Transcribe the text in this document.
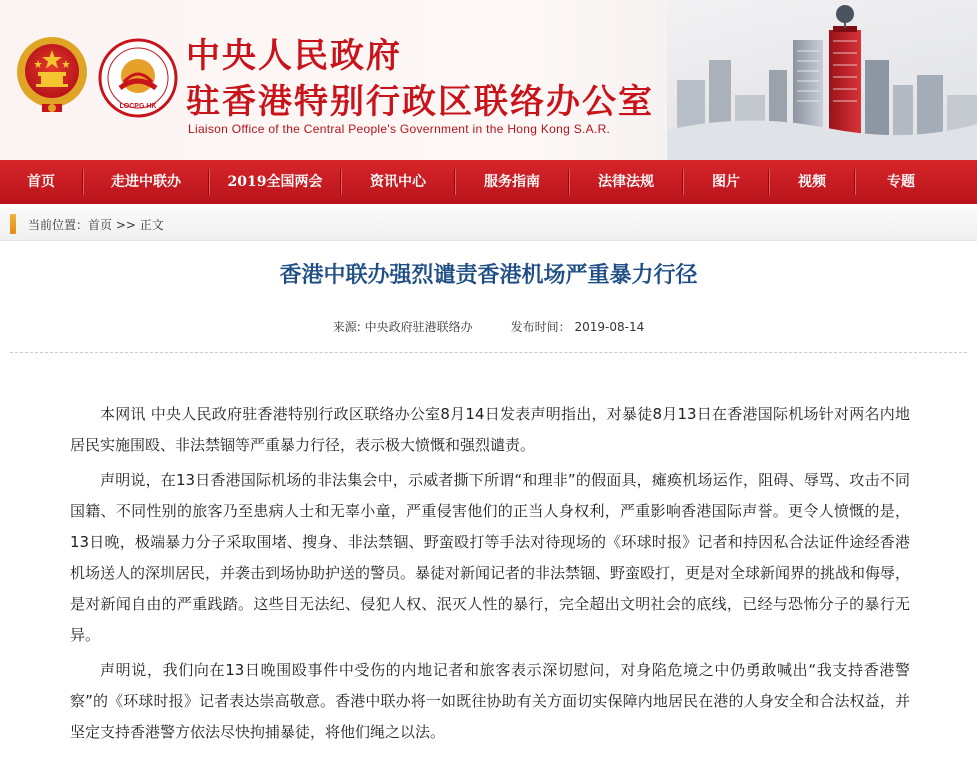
LOCPG HK
中央人民政府
驻香港特别行政区联络办公室
Liaison Office of the Central People's Government in the Hong Kong S.A.R.
首页	走进中联办	2019全国两会	资讯中心	服务指南	法律法规	图片	视频	专题
当前位置：首页 >> 正文
香港中联办强烈谴责香港机场严重暴力行径
来源: 中央政府驻港联络办	发布时间： 2019-08-14

本网讯 中央人民政府驻香港特别行政区联络办公室8月14日发表声明指出，对暴徒8月13日在香港国际机场针对两名内地居民实施围殴、非法禁锢等严重暴力行径，表示极大愤慨和强烈谴责。

声明说，在13日香港国际机场的非法集会中，示威者撕下所谓“和理非”的假面具，瘫痪机场运作，阻碍、辱骂、攻击不同国籍、不同性别的旅客乃至患病人士和无辜小童，严重侵害他们的正当人身权利，严重影响香港国际声誉。更令人愤慨的是，13日晚，极端暴力分子采取围堵、搜身、非法禁锢、野蛮殴打等手法对待现场的《环球时报》记者和持因私合法证件途经香港机场送人的深圳居民，并袭击到场协助护送的警员。暴徒对新闻记者的非法禁锢、野蛮殴打，更是对全球新闻界的挑战和侮辱，是对新闻自由的严重践踏。这些目无法纪、侵犯人权、泯灭人性的暴行，完全超出文明社会的底线，已经与恐怖分子的暴行无异。

声明说，我们向在13日晚围殴事件中受伤的内地记者和旅客表示深切慰问，对身陷危境之中仍勇敢喊出“我支持香港警察”的《环球时报》记者表达崇高敬意。香港中联办将一如既往协助有关方面切实保障内地居民在港的人身安全和合法权益，并坚定支持香港警方依法尽快拘捕暴徒，将他们绳之以法。
